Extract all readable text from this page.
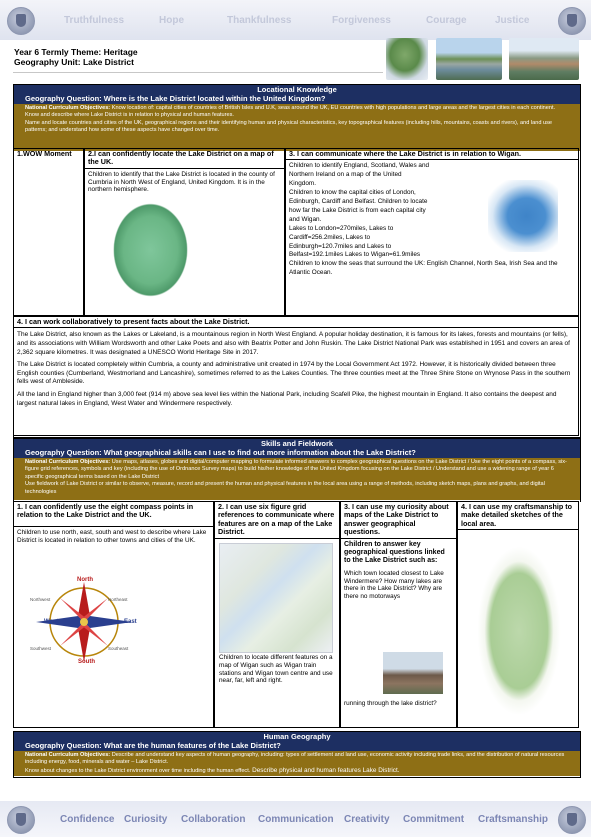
Truthfulness	Hope	Thankfulness	Forgiveness	Courage	Justice
Year 6 Termly Theme: Heritage
Geography Unit: Lake District
Locational Knowledge
Geography Question: Where is the Lake District located within the United Kingdom?
National Curriculum Objectives: Know location of: capital cities of countries of British Isles and U.K, seas around the UK, EU countries with high populations and large areas and the largest cities in each continent.
Know and describe where Lake District is in relation to physical and human features.
Name and locate countries and cities of the UK, geographical regions and their identifying human and physical characteristics, key topographical features (including hills, mountains, coasts and rivers), and land use patterns; and understand how some of these aspects have changed over time.
1.WOW Moment	2.I can confidently locate the Lake District on a map of the UK.
Children to identify that the Lake District is located in the county of Cumbria in North West of England, United Kingdom. It is in the northern hemisphere.
3. I can communicate where the Lake District is in relation to Wigan.
Children to identify England, Scotland, Wales and
Northern Ireland on a map of the United
Kingdom.
Children to know the capital cities of London,
Edinburgh, Cardiff and Belfast. Children to locate
how far the Lake District is from each capital city
and Wigan.
Lakes to London=270miles, Lakes to
Cardiff=256.2miles, Lakes to
Edinburgh=120.7miles and Lakes to
Belfast=192.1miles Lakes to Wigan=61.9miles
Children to know the seas that surround the UK: English Channel, North Sea, Irish Sea and the Atlantic Ocean.
4. I can work collaboratively to present facts about the Lake District.
The Lake District, also known as the Lakes or Lakeland, is a mountainous region in North West England. A popular holiday destination, it is famous for its lakes, forests and mountains (or fells), and its associations with William Wordsworth and other Lake Poets and also with Beatrix Potter and John Ruskin. The Lake District National Park was established in 1951 and covers an area of 2,362 square kilometres. It was designated a UNESCO World Heritage Site in 2017.
The Lake District is located completely within Cumbria, a county and administrative unit created in 1974 by the Local Government Act 1972. However, it is historically divided between three English counties (Cumberland, Westmorland and Lancashire), sometimes referred to as the Lakes Counties. The three counties meet at the Three Shire Stone on Wrynose Pass in the southern fells west of Ambleside.
All the land in England higher than 3,000 feet (914 m) above sea level lies within the National Park, including Scafell Pike, the highest mountain in England. It also contains the deepest and largest natural lakes in England, West Water and Windermere respectively.
Skills and Fieldwork
Geography Question: What geographical skills can I use to find out more information about the Lake District?
National Curriculum Objectives: Use maps, atlases, globes and digital/computer mapping to formulate informed answers to complex geographical questions on the Lake District / Use the eight points of a compass, six- figure grid references, symbols and key (including the use of Ordnance Survey maps) to build his/her knowledge of the United Kingdom focusing on the Lake District / Understand and use a widening range of year 6 specific geographical terms based on the Lake District
Use fieldwork of Lake District or similar to observe, measure, record and present the human and physical features in the local area using a range of methods, including sketch maps, plans and graphs, and digital technologies
1. I can confidently use the eight compass points in relation to the Lake District and the UK.
Children to use north, east, south and west to describe where Lake District is located in relation to other towns and cities of the UK.
North
South
East
West
Northeast
Northwest
Southeast
Southwest
2. I can use six figure grid references to communicate where features are on a map of the Lake District.
Children to locate different features on a map of Wigan such as Wigan train stations and Wigan town centre and use near, far, left and right.
3. I can use my curiosity about maps of the Lake District to answer geographical questions.
Children to answer key geographical questions linked to the Lake District such as:
Which town located closest to Lake Windermere? How many lakes are there in the Lake District? Why are there no motorways
running through the lake district?
4. I can use my craftsmanship to make detailed sketches of the local area.
Human Geography
Geography Question: What are the human features of the Lake District?
National Curriculum Objectives: Describe and understand key aspects of human geography, including: types of settlement and land use, economic activity including trade links, and the distribution of natural resources including energy, food, minerals and water – Lake District.
Know about changes to the Lake District environment over time including the human effect. Describe physical and human features Lake District.
Confidence Curiosity Collaboration Communication Creativity Commitment Craftsmanship
